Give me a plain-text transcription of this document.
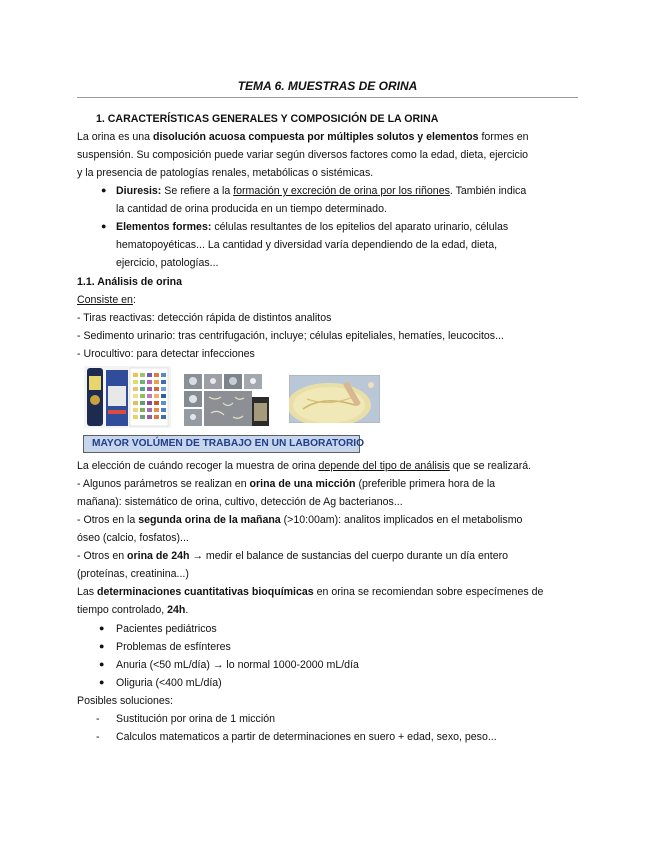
TEMA 6. MUESTRAS DE ORINA
1. CARACTERÍSTICAS GENERALES Y COMPOSICIÓN DE LA ORINA
La orina es una disolución acuosa compuesta por múltiples solutos y elementos formes en
suspensión. Su composición puede variar según diversos factores como la edad, dieta, ejercicio
y la presencia de patologías renales, metabólicas o sistémicas.
● Diuresis: Se refiere a la formación y excreción de orina por los riñones. También indica
la cantidad de orina producida en un tiempo determinado.
● Elementos formes: células resultantes de los epitelios del aparato urinario, células
hematopoyéticas... La cantidad y diversidad varía dependiendo de la edad, dieta,
ejercicio, patologías...
1.1. Análisis de orina
Consiste en:
- Tiras reactivas: detección rápida de distintos analitos
- Sedimento urinario: tras centrifugación, incluye; células epiteliales, hematíes, leucocitos...
- Urocultivo: para detectar infecciones
MAYOR VOLÚMEN DE TRABAJO EN UN LABORATORIO
La elección de cuándo recoger la muestra de orina depende del tipo de análisis que se realizará.
- Algunos parámetros se realizan en orina de una micción (preferible primera hora de la
mañana): sistemático de orina, cultivo, detección de Ag bacterianos...
- Otros en la segunda orina de la mañana (>10:00am): analitos implicados en el metabolismo
óseo (calcio, fosfatos)...
- Otros en orina de 24h → medir el balance de sustancias del cuerpo durante un día entero
(proteínas, creatinina...)
Las determinaciones cuantitativas bioquímicas en orina se recomiendan sobre especímenes de
tiempo controlado, 24h.
● Pacientes pediátricos
● Problemas de esfínteres
● Anuria (<50 mL/día) → lo normal 1000-2000 mL/día
● Oliguria (<400 mL/día)
Posibles soluciones:
- Sustitución por orina de 1 micción
- Calculos matematicos a partir de determinaciones en suero + edad, sexo, peso...
